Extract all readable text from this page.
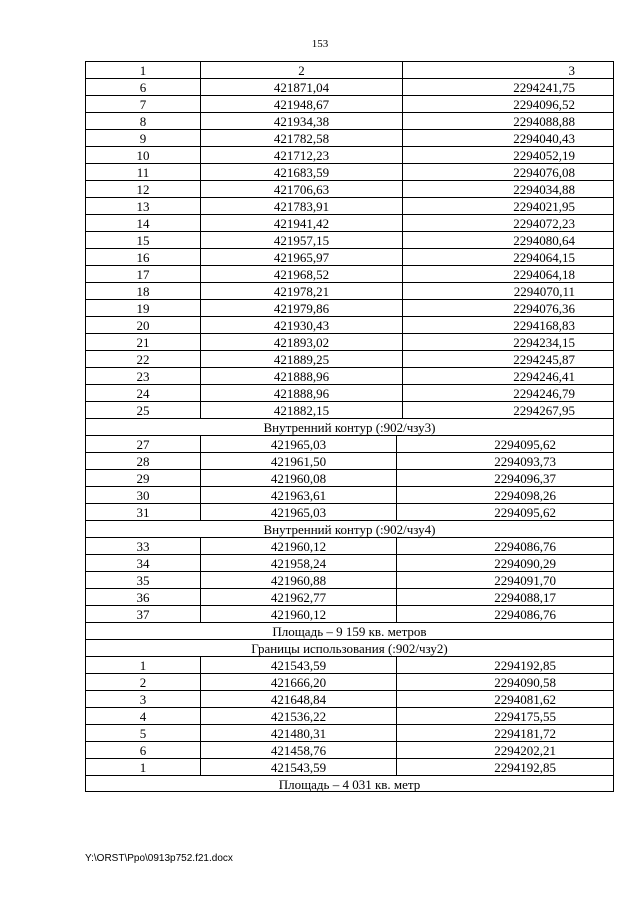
153
1	2	3
6	421871,04	2294241,75
7	421948,67	2294096,52
8	421934,38	2294088,88
9	421782,58	2294040,43
10	421712,23	2294052,19
11	421683,59	2294076,08
12	421706,63	2294034,88
13	421783,91	2294021,95
14	421941,42	2294072,23
15	421957,15	2294080,64
16	421965,97	2294064,15
17	421968,52	2294064,18
18	421978,21	2294070,11
19	421979,86	2294076,36
20	421930,43	2294168,83
21	421893,02	2294234,15
22	421889,25	2294245,87
23	421888,96	2294246,41
24	421888,96	2294246,79
25	421882,15	2294267,95
Внутренний контур (:902/чзу3)
27	421965,03	2294095,62
28	421961,50	2294093,73
29	421960,08	2294096,37
30	421963,61	2294098,26
31	421965,03	2294095,62
Внутренний контур (:902/чзу4)
33	421960,12	2294086,76
34	421958,24	2294090,29
35	421960,88	2294091,70
36	421962,77	2294088,17
37	421960,12	2294086,76
Площадь – 9 159 кв. метров
Границы использования (:902/чзу2)
1	421543,59	2294192,85
2	421666,20	2294090,58
3	421648,84	2294081,62
4	421536,22	2294175,55
5	421480,31	2294181,72
6	421458,76	2294202,21
1	421543,59	2294192,85
Площадь – 4 031 кв. метр
Y:\ORST\Ppo\0913p752.f21.docx
